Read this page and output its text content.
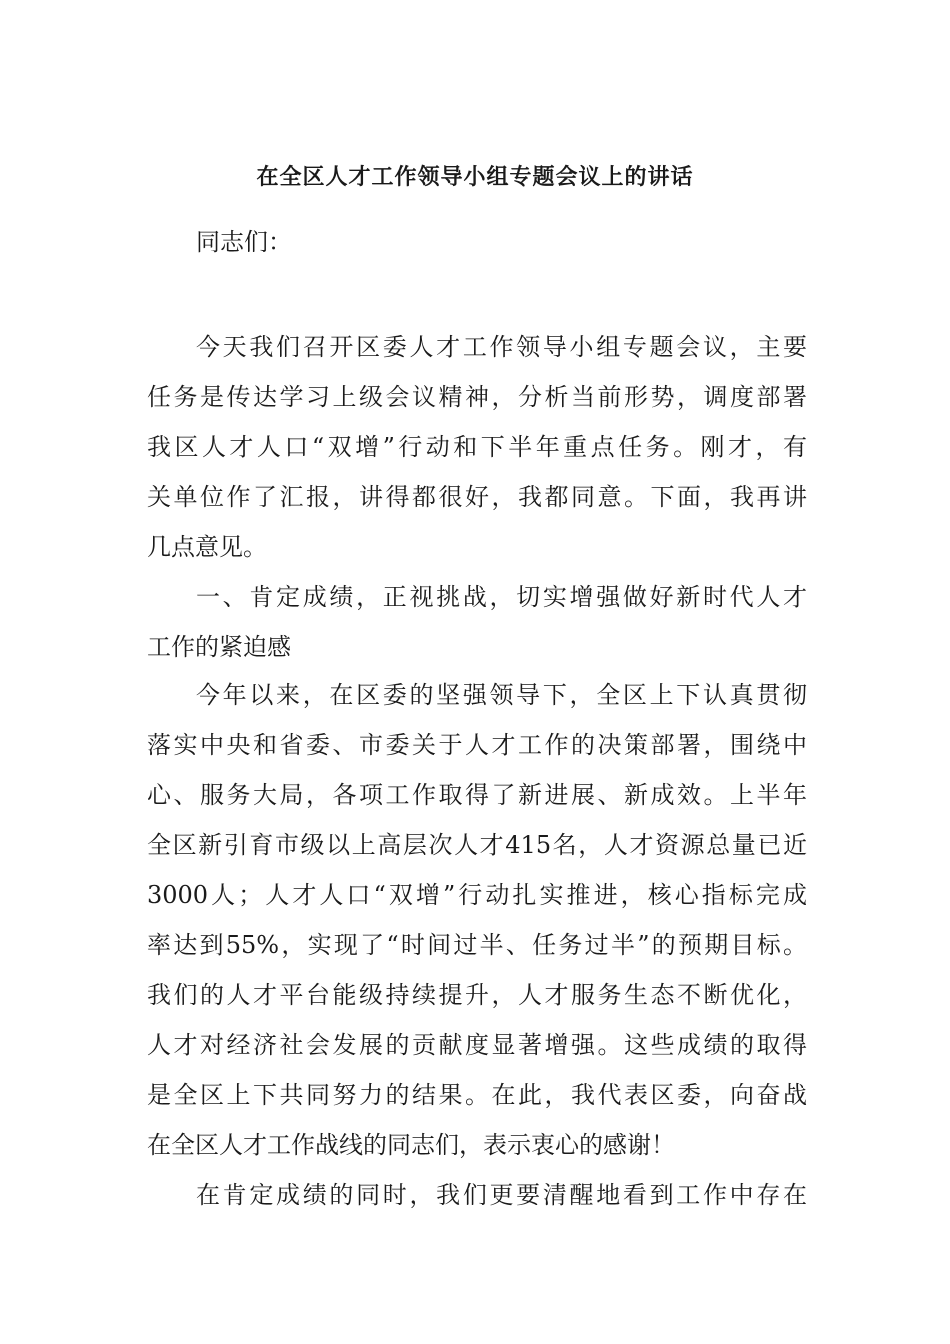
在全区人才工作领导小组专题会议上的讲话

同志们：

今天我们召开区委人才工作领导小组专题会议，主要

任务是传达学习上级会议精神，分析当前形势，调度部署

我区人才人口“双增”行动和下半年重点任务。刚才，有

关单位作了汇报，讲得都很好，我都同意。下面，我再讲

几点意见。

一、肯定成绩，正视挑战，切实增强做好新时代人才

工作的紧迫感

今年以来，在区委的坚强领导下，全区上下认真贯彻

落实中央和省委、市委关于人才工作的决策部署，围绕中

心、服务大局，各项工作取得了新进展、新成效。上半年

全区新引育市级以上高层次人才415名，人才资源总量已近

3000人；人才人口“双增”行动扎实推进，核心指标完成

率达到55%，实现了“时间过半、任务过半”的预期目标。

我们的人才平台能级持续提升，人才服务生态不断优化，

人才对经济社会发展的贡献度显著增强。这些成绩的取得

是全区上下共同努力的结果。在此，我代表区委，向奋战

在全区人才工作战线的同志们，表示衷心的感谢！

在肯定成绩的同时，我们更要清醒地看到工作中存在
